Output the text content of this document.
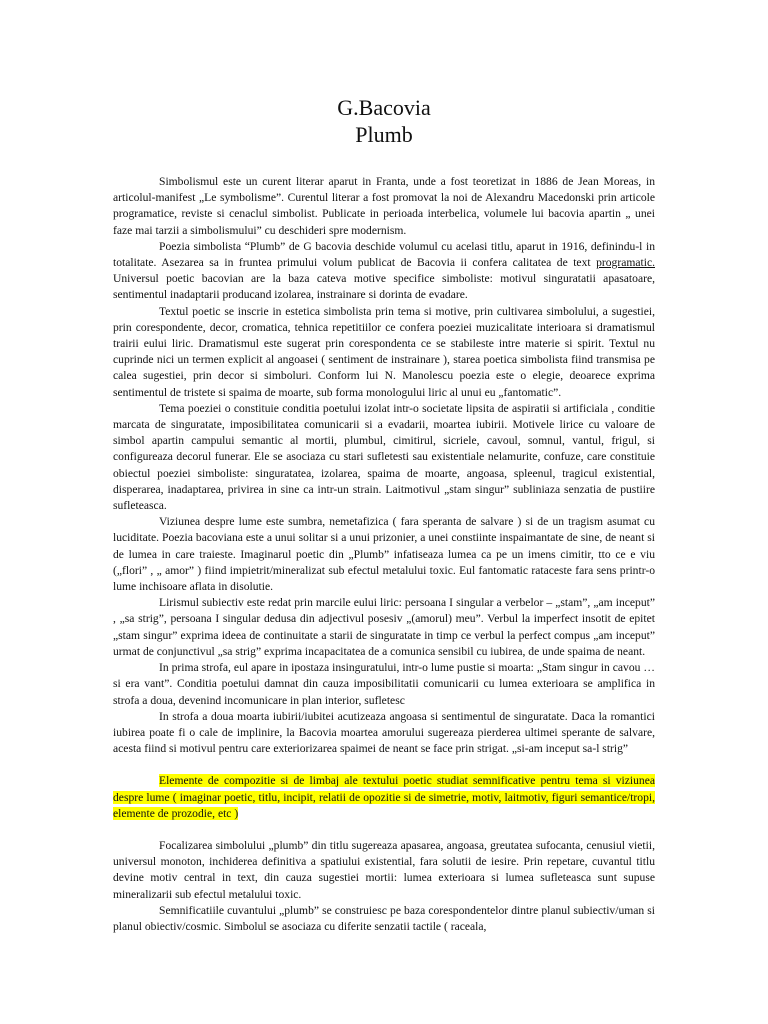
G.Bacovia

Plumb

Simbolismul este un curent literar aparut in Franta, unde a fost teoretizat in 1886 de Jean Moreas, in articolul-manifest „Le symbolisme”. Curentul literar a fost promovat la noi de Alexandru Macedonski prin articole programatice, reviste si cenaclul simbolist. Publicate in perioada interbelica, volumele lui bacovia apartin „ unei faze mai tarzii a simbolismului” cu deschideri spre modernism.

Poezia simbolista “Plumb” de G bacovia deschide volumul cu acelasi titlu, aparut in 1916, definindu-l in totalitate. Asezarea sa in fruntea primului volum publicat de Bacovia ii confera calitatea de text programatic. Universul poetic bacovian are la baza cateva motive specifice simboliste: motivul singuratatii apasatoare, sentimentul inadaptarii producand izolarea, instrainare si dorinta de evadare.

Textul poetic se inscrie in estetica simbolista prin tema si motive, prin cultivarea simbolului, a sugestiei, prin corespondente, decor, cromatica, tehnica repetitiilor ce confera poeziei muzicalitate interioara si dramatismul trairii eului liric. Dramatismul este sugerat prin corespondenta ce se stabileste intre materie si spirit. Textul nu cuprinde nici un termen explicit al angoasei ( sentiment de instrainare ), starea poetica simbolista fiind transmisa pe calea sugestiei, prin decor si simboluri. Conform lui N. Manolescu poezia este o elegie, deoarece exprima sentimentul de tristete si spaima de moarte, sub forma monologului liric al unui eu „fantomatic”.

Tema poeziei o constituie conditia poetului izolat intr-o societate lipsita de aspiratii si artificiala , conditie marcata de singuratate, imposibilitatea comunicarii si a evadarii, moartea iubirii. Motivele lirice cu valoare de simbol apartin campului semantic al mortii, plumbul, cimitirul, sicriele, cavoul, somnul, vantul, frigul, si configureaza decorul funerar. Ele se asociaza cu stari sufletesti sau existentiale nelamurite, confuze, care constituie obiectul poeziei simboliste: singuratatea, izolarea, spaima de moarte, angoasa, spleenul, tragicul existential, disperarea, inadaptarea, privirea in sine ca intr-un strain. Laitmotivul „stam singur” subliniaza senzatia de pustiire sufleteasca.

Viziunea despre lume este sumbra, nemetafizica ( fara speranta de salvare ) si de un tragism asumat cu luciditate. Poezia bacoviana este a unui solitar si a unui prizonier, a unei constiinte inspaimantate de sine, de neant si de lumea in care traieste. Imaginarul poetic din „Plumb” infatiseaza lumea ca pe un imens cimitir, tto ce e viu („flori” , „ amor” ) fiind impietrit/mineralizat sub efectul metalului toxic. Eul fantomatic rataceste fara sens printr-o lume inchisoare aflata in disolutie.

Lirismul subiectiv este redat prin marcile eului liric: persoana I singular a verbelor – „stam”, „am inceput” , „sa strig”, persoana I singular dedusa din adjectivul posesiv „(amorul) meu”. Verbul la imperfect insotit de epitet „stam singur” exprima ideea de continuitate a starii de singuratate in timp ce verbul la perfect compus „am inceput” urmat de conjunctivul „sa strig” exprima incapacitatea de a comunica sensibil cu iubirea, de unde spaima de neant.

In prima strofa, eul apare in ipostaza insinguratului, intr-o lume pustie si moarta: „Stam singur in cavou … si era vant”. Conditia poetului damnat din cauza imposibilitatii comunicarii cu lumea exterioara se amplifica in strofa a doua, devenind incomunicare in plan interior, sufletesc

In strofa a doua moarta iubirii/iubitei acutizeaza angoasa si sentimentul de singuratate. Daca la romantici iubirea poate fi o cale de implinire, la Bacovia moartea amorului sugereaza pierderea ultimei sperante de salvare, acesta fiind si motivul pentru care exteriorizarea spaimei de neant se face prin strigat. „si-am inceput sa-l strig”

Elemente de compozitie si de limbaj ale textului poetic studiat semnificative pentru tema si viziunea despre lume ( imaginar poetic, titlu, incipit, relatii de opozitie si de simetrie, motiv, laitmotiv, figuri semantice/tropi, elemente de prozodie, etc )

Focalizarea simbolului „plumb” din titlu sugereaza apasarea, angoasa, greutatea sufocanta, cenusiul vietii, universul monoton, inchiderea definitiva a spatiului existential, fara solutii de iesire. Prin repetare, cuvantul titlu devine motiv central in text, din cauza sugestiei mortii: lumea exterioara si lumea sufleteasca sunt supuse mineralizarii sub efectul metalului toxic.

Semnificatiile cuvantului „plumb” se construiesc pe baza corespondentelor dintre planul subiectiv/uman si planul obiectiv/cosmic. Simbolul se asociaza cu diferite senzatii tactile ( raceala,
